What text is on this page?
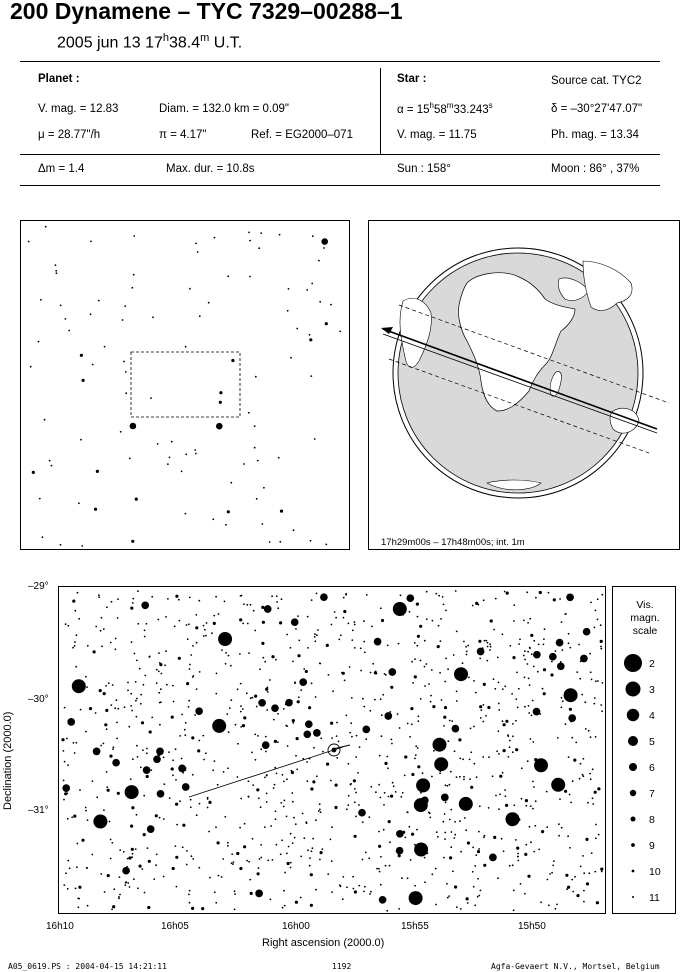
200 Dynamene – TYC 7329–00288–1
2005 jun 13 17$^h$38.4$^m$ U.T.
Planet :
V. mag. = 12.83	Diam. = 132.0 km = 0.09"
μ = 28.77"/h	π = 4.17"	Ref. = EG2000–071
Star :	Source cat. TYC2
$\alpha = 15^h58^m33.243^s$	δ = –30°27'47.07"
V. mag. = 11.75	Ph. mag. = 13.34
Δm = 1.4	Max. dur. = 10.8s	Sun : 158°	Moon : 86° , 37%
17h29m00s – 17h48m00s; int. 1m
Declination (2000.0)
–29°
–30°
–31°
16h10	16h05	16h00	15h55	15h50
Right ascension (2000.0)
Vis.
magn.
scale
2
3
4
5
6
7
8
9
10
11
A05_0619.PS : 2004-04-15 14:21:11	1192	Agfa-Gevaert N.V., Mortsel, Belgium
